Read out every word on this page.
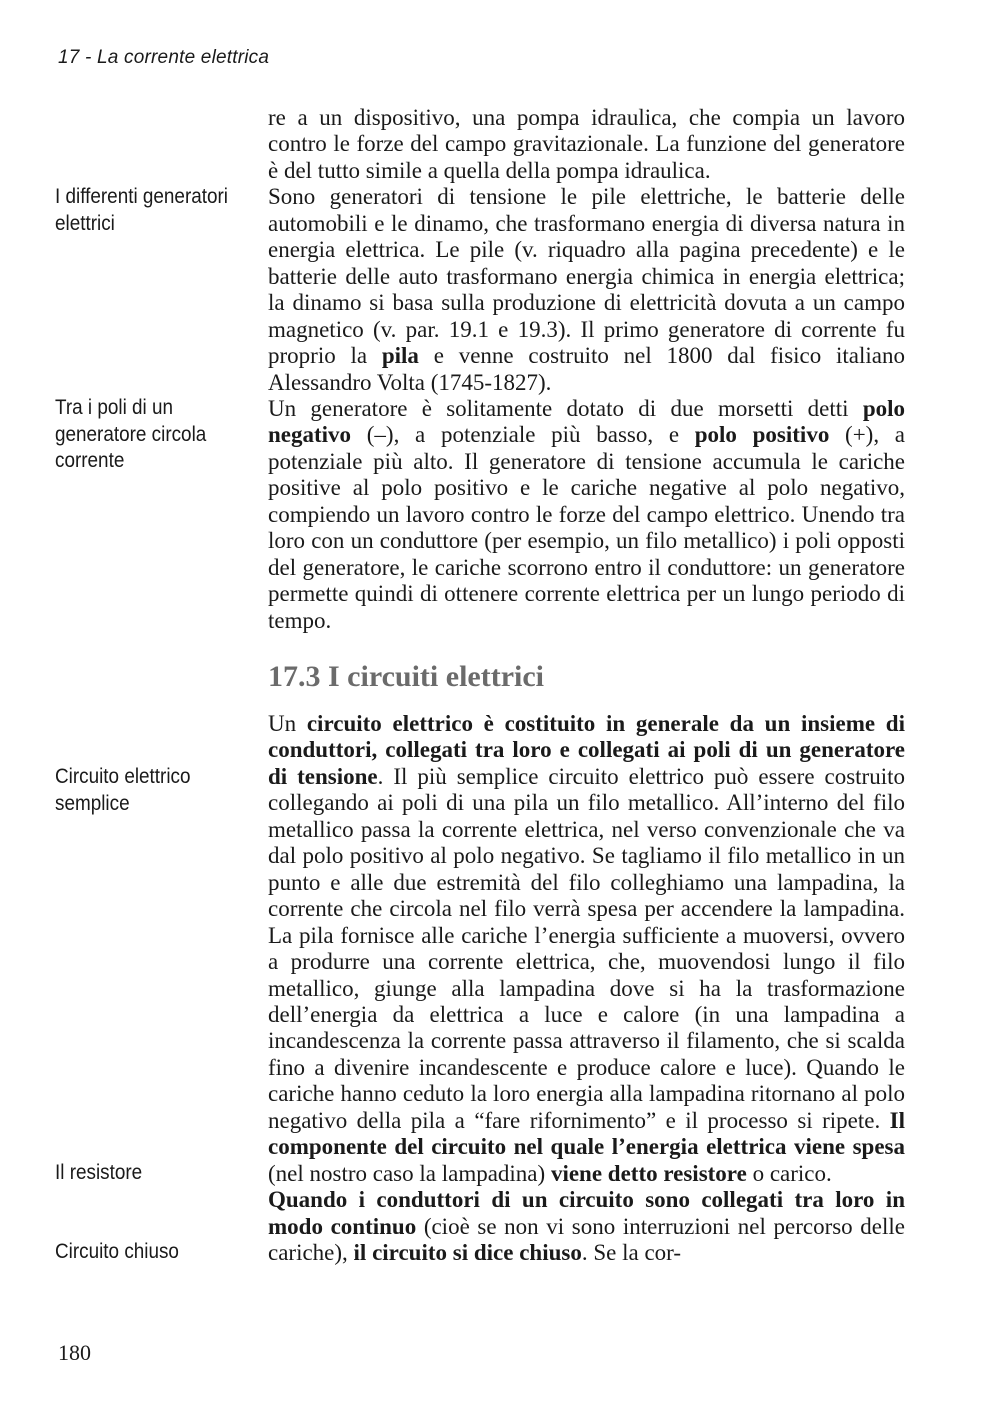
17 - La corrente elettrica
I differenti generatori elettrici
Tra i poli di un generatore circola corrente
Circuito elettrico semplice
Il resistore
Circuito chiuso

re a un dispositivo, una pompa idraulica, che compia un lavoro contro le forze del campo gravitazionale. La funzione del generatore è del tutto simile a quella della pompa idraulica.

Sono generatori di tensione le pile elettriche, le batterie delle automobili e le dinamo, che trasformano energia di diversa natura in energia elettrica. Le pile (v. riquadro alla pagina precedente) e le batterie delle auto trasformano energia chimica in energia elettrica; la dinamo si basa sulla produzione di elettricità dovuta a un campo magnetico (v. par. 19.1 e 19.3). Il primo generatore di corrente fu proprio la pila e venne costruito nel 1800 dal fisico italiano Alessandro Volta (1745-1827).

Un generatore è solitamente dotato di due morsetti detti polo negativo (–), a potenziale più basso, e polo positivo (+), a potenziale più alto. Il generatore di tensione accumula le cariche positive al polo positivo e le cariche negative al polo negativo, compiendo un lavoro contro le forze del campo elettrico. Unendo tra loro con un conduttore (per esempio, un filo metallico) i poli opposti del generatore, le cariche scorrono entro il conduttore: un generatore permette quindi di ottenere corrente elettrica per un lungo periodo di tempo.

17.3 I circuiti elettrici

Un circuito elettrico è costituito in generale da un insieme di conduttori, collegati tra loro e collegati ai poli di un generatore di tensione. Il più semplice circuito elettrico può essere costruito collegando ai poli di una pila un filo metallico. All’interno del filo metallico passa la corrente elettrica, nel verso convenzionale che va dal polo positivo al polo negativo. Se tagliamo il filo metallico in un punto e alle due estremità del filo colleghiamo una lampadina, la corrente che circola nel filo verrà spesa per accendere la lampadina. La pila fornisce alle cariche l’energia sufficiente a muoversi, ovvero a produrre una corrente elettrica, che, muovendosi lungo il filo metallico, giunge alla lampadina dove si ha la trasformazione dell’energia da elettrica a luce e calore (in una lampadina a incandescenza la corrente passa attraverso il filamento, che si scalda fino a divenire incandescente e produce calore e luce). Quando le cariche hanno ceduto la loro energia alla lampadina ritornano al polo negativo della pila a “fare rifornimento” e il processo si ripete. Il componente del circuito nel quale l’energia elettrica viene spesa (nel nostro caso la lampadina) viene detto resistore o carico.

Quando i conduttori di un circuito sono collegati tra loro in modo continuo (cioè se non vi sono interruzioni nel percorso delle cariche), il circuito si dice chiuso. Se la cor-

180
